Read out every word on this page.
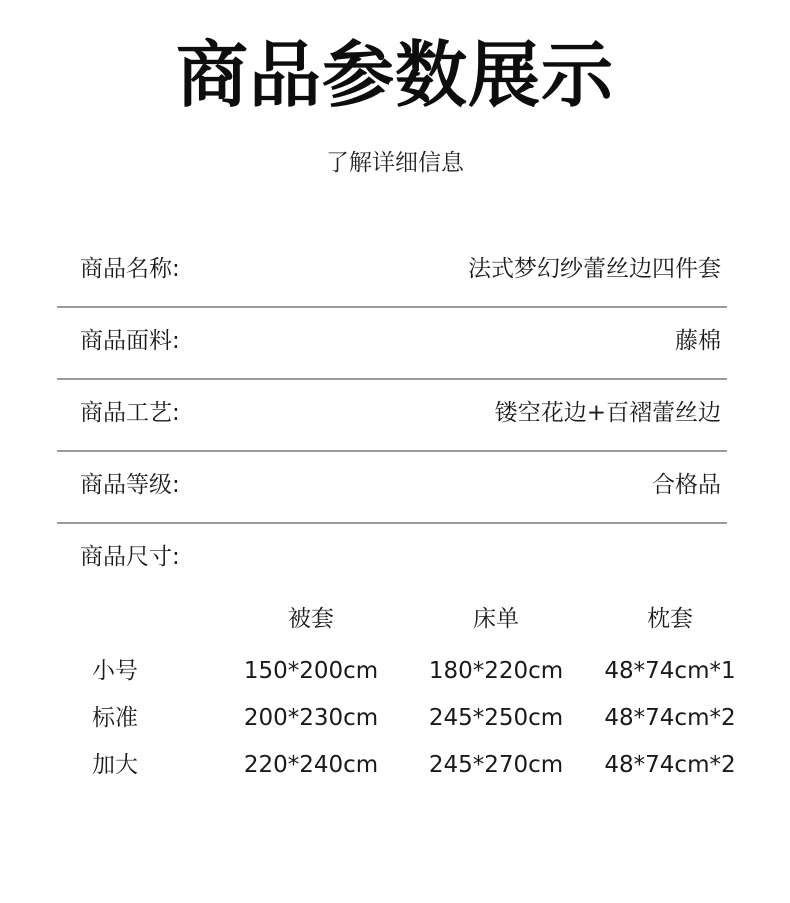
商品参数展示
了解详细信息
商品名称:	法式梦幻纱蕾丝边四件套
商品面料:	藤棉
商品工艺:	镂空花边+百褶蕾丝边
商品等级:	合格品
商品尺寸:
被套	床单	枕套
小号	150*200cm 180*220cm 48*74cm*1
标准	200*230cm 245*250cm 48*74cm*2
加大	220*240cm 245*270cm 48*74cm*2
